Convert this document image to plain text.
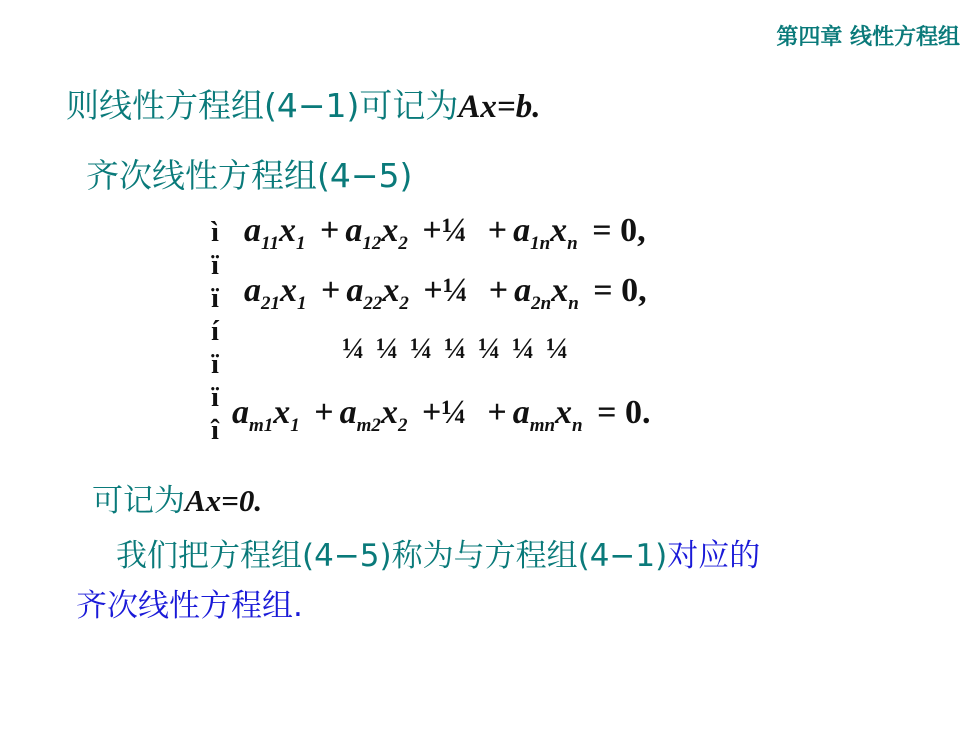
第四章 线性方程组
则线性方程组(4−1)可记为Ax=b.
齐次线性方程组(4−5)
ì
ï
ï
í
ï
ï
î
$a_{11}x_1 + a_{12}x_2$ +¼ + $a_{1n}x_n = 0$,
$a_{21}x_1 + a_{22}x_2$ +¼ + $a_{2n}x_n = 0$,
¼ ¼ ¼ ¼ ¼ ¼ ¼
$a_{m1}x_1 + a_{m2}x_2$ +¼ + $a_{mn}x_n = 0$.
可记为Ax=0.
我们把方程组(4−5)称为与方程组(4−1)对应的
齐次线性方程组.
